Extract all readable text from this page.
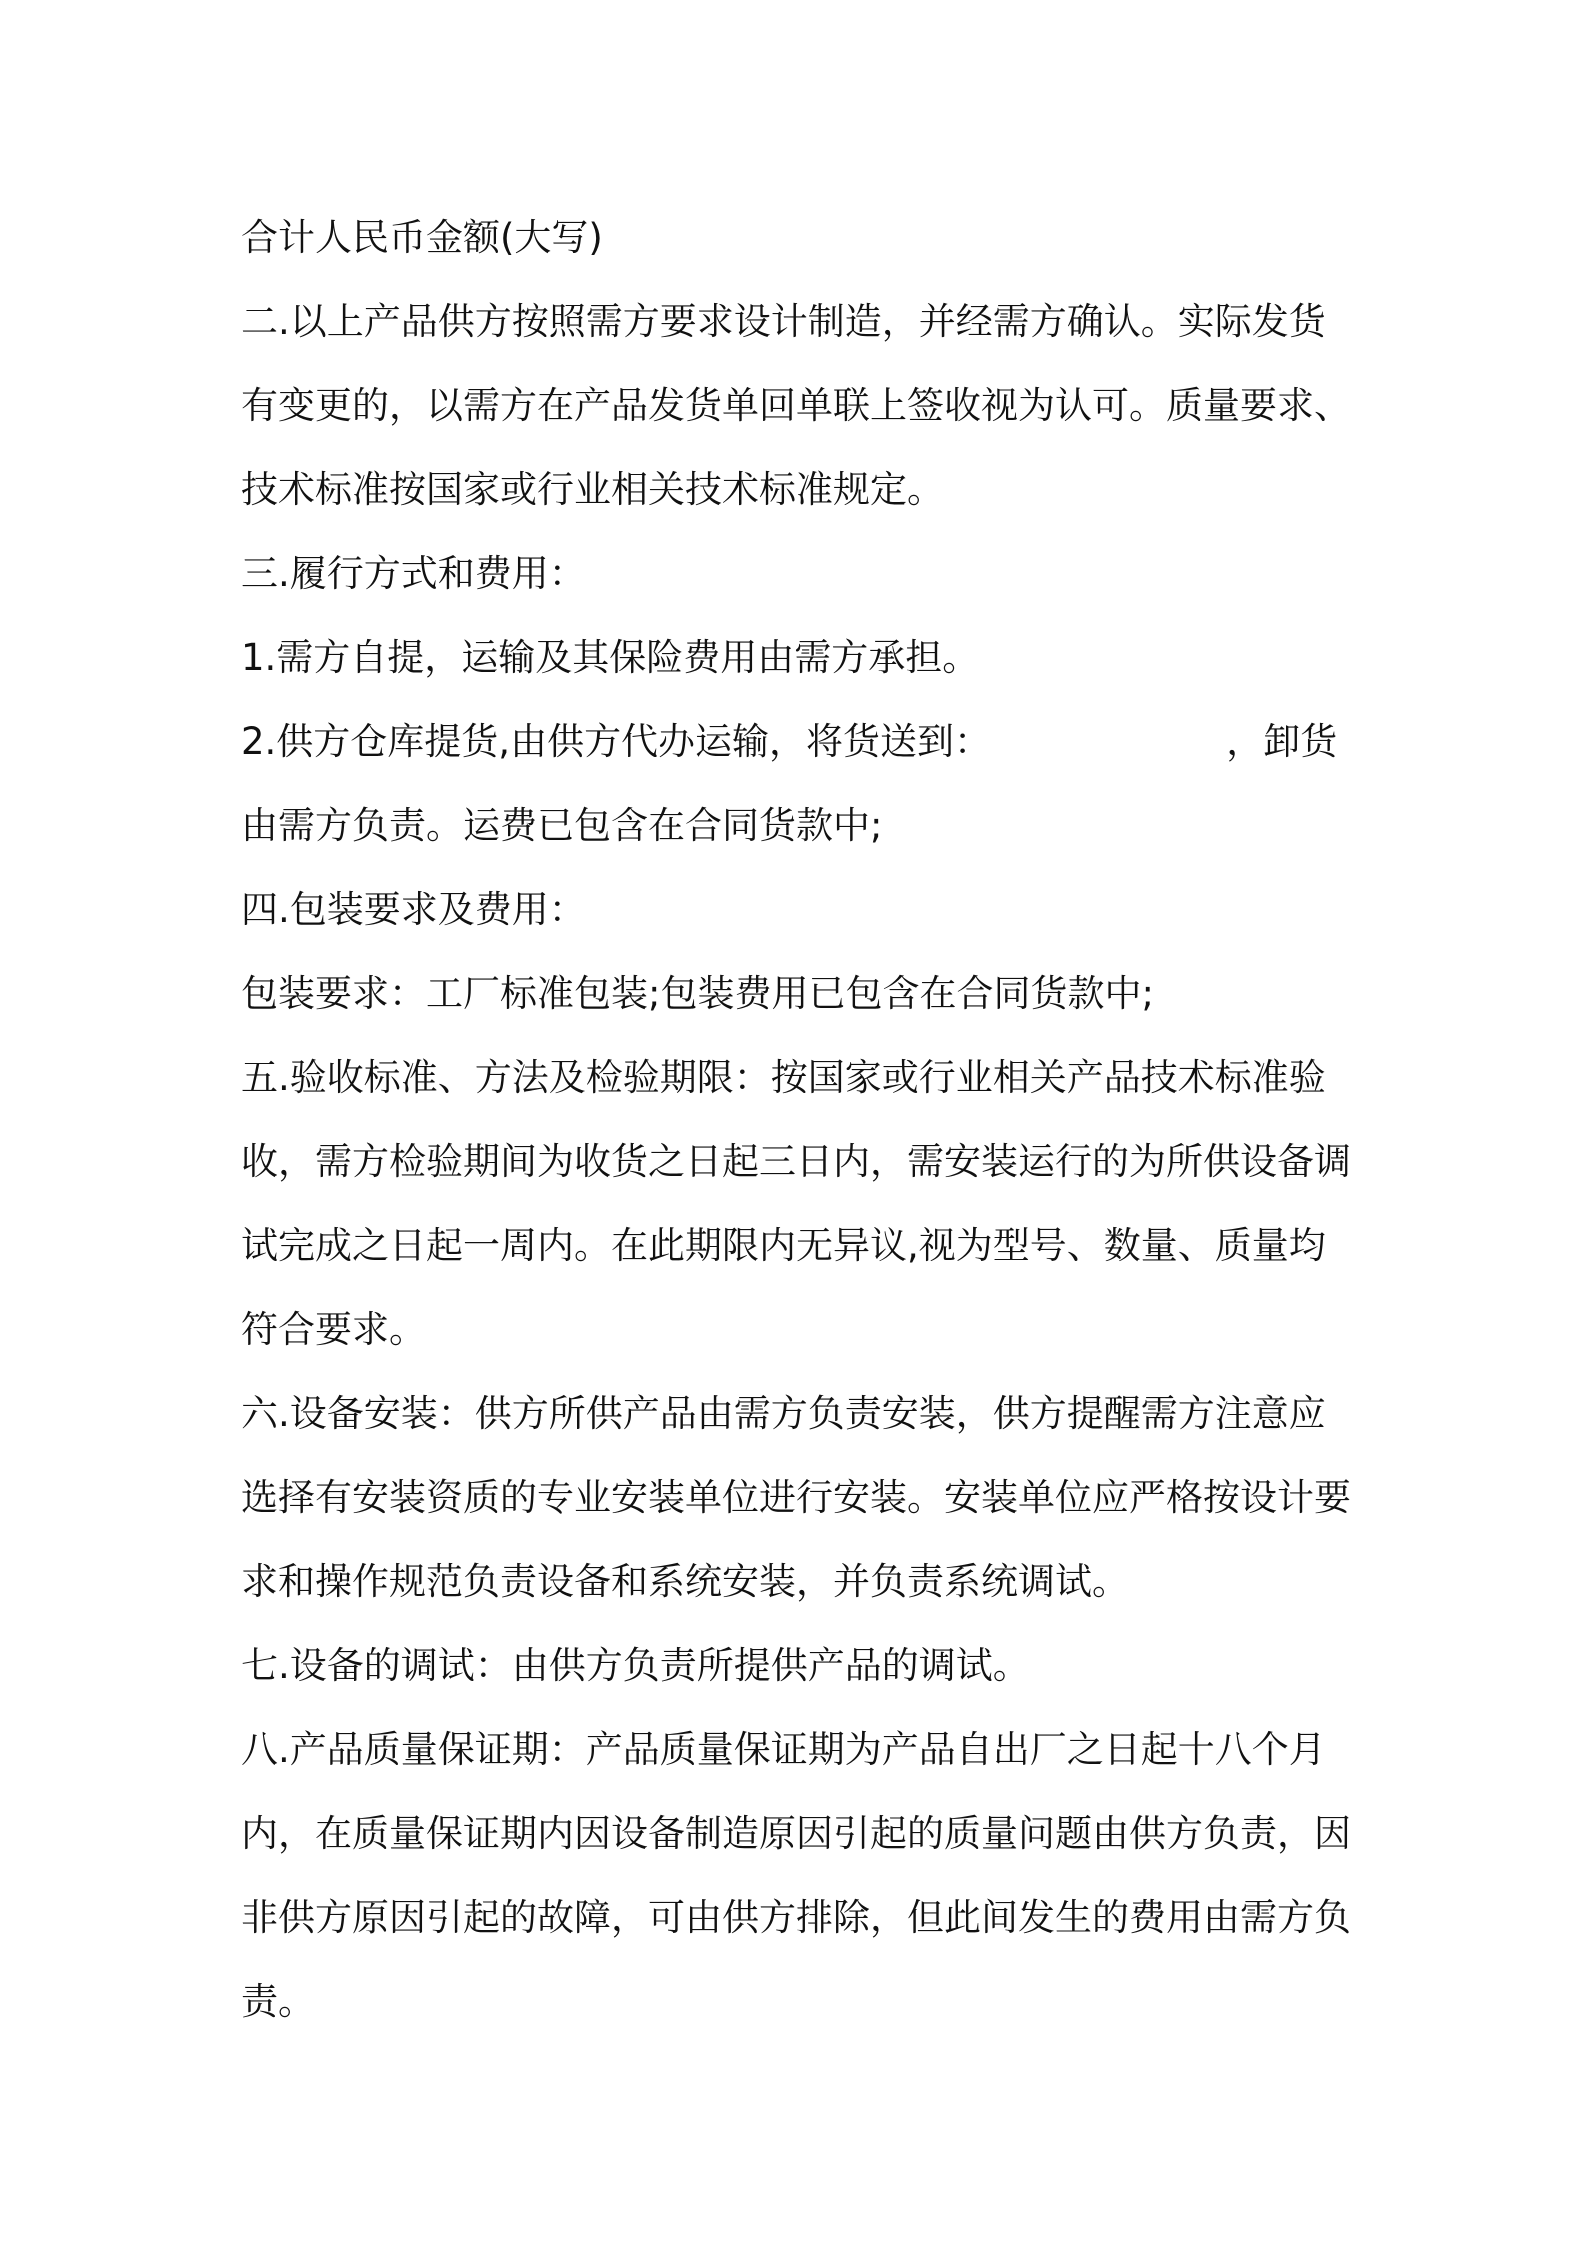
合计人民币金额(大写)
二.以上产品供方按照需方要求设计制造，并经需方确认。实际发货
有变更的，以需方在产品发货单回单联上签收视为认可。质量要求、
技术标准按国家或行业相关技术标准规定。
三.履行方式和费用：
1.需方自提，运输及其保险费用由需方承担。
2.供方仓库提货,由供方代办运输，将货送到：                    ，卸货
由需方负责。运费已包含在合同货款中;
四.包装要求及费用：
包装要求：工厂标准包装;包装费用已包含在合同货款中;
五.验收标准、方法及检验期限：按国家或行业相关产品技术标准验
收，需方检验期间为收货之日起三日内，需安装运行的为所供设备调
试完成之日起一周内。在此期限内无异议,视为型号、数量、质量均
符合要求。
六.设备安装：供方所供产品由需方负责安装，供方提醒需方注意应
选择有安装资质的专业安装单位进行安装。安装单位应严格按设计要
求和操作规范负责设备和系统安装，并负责系统调试。
七.设备的调试：由供方负责所提供产品的调试。
八.产品质量保证期：产品质量保证期为产品自出厂之日起十八个月
内，在质量保证期内因设备制造原因引起的质量问题由供方负责，因
非供方原因引起的故障，可由供方排除，但此间发生的费用由需方负
责。
